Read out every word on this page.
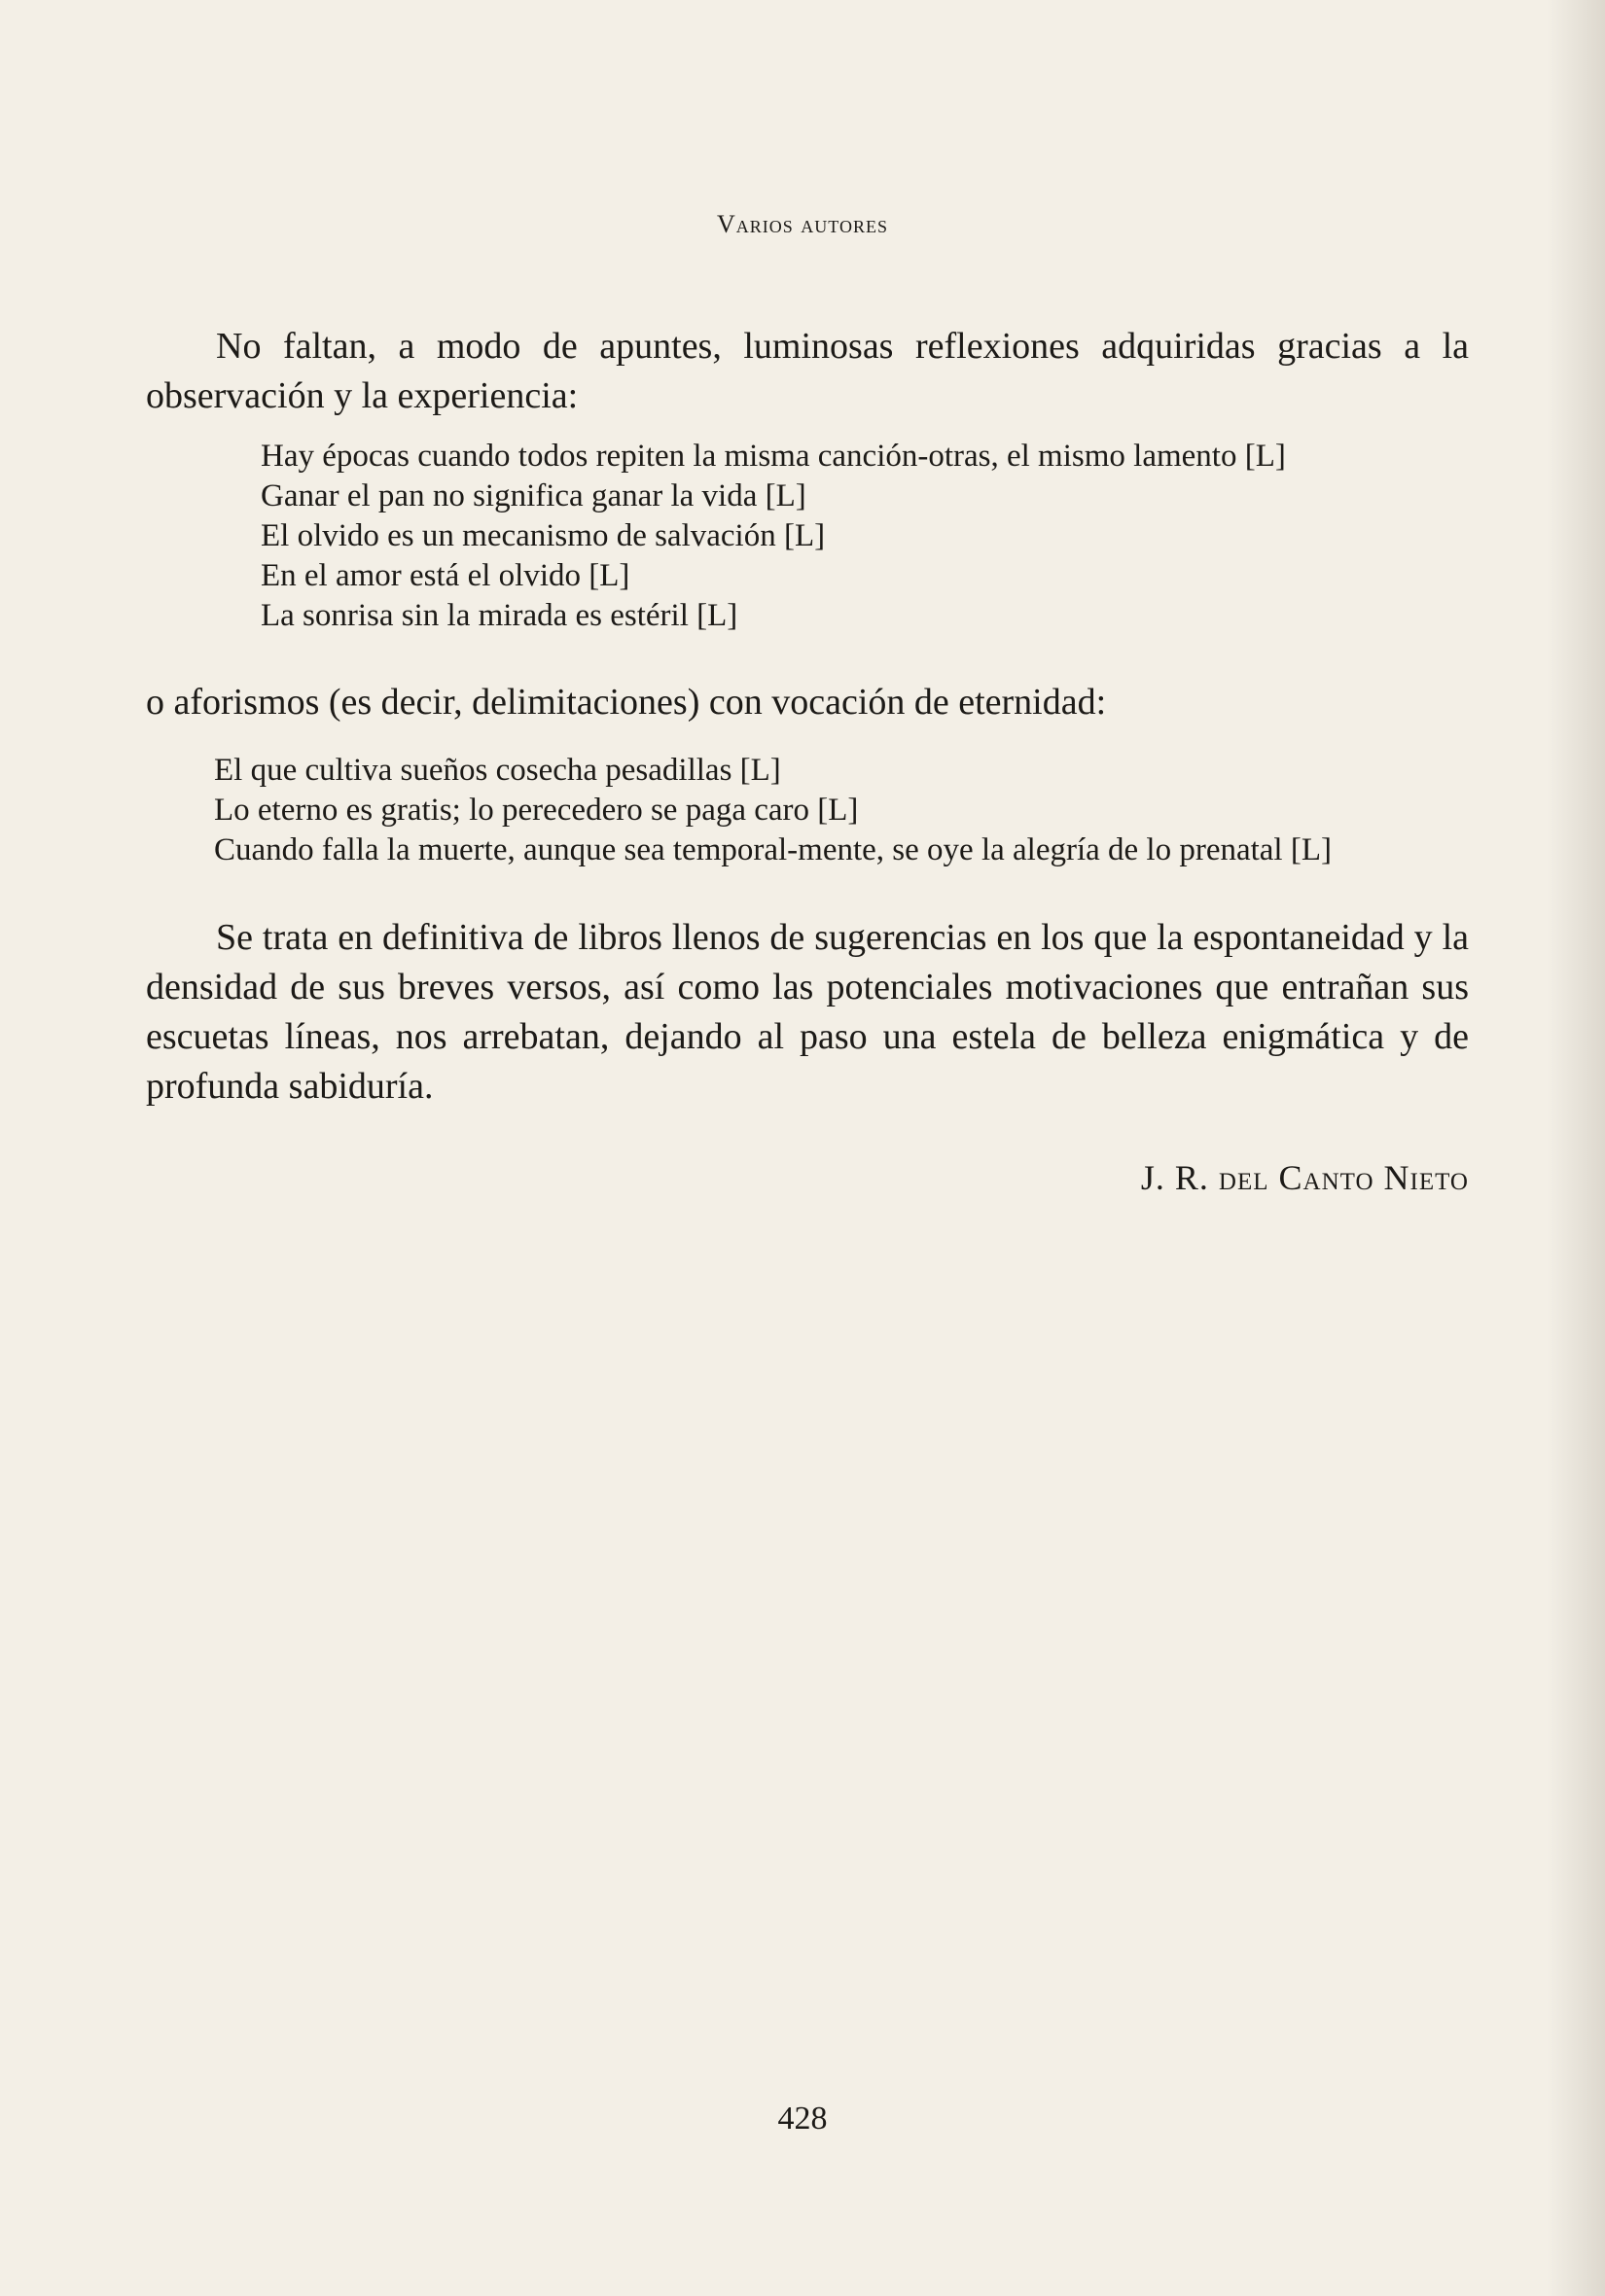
Varios autores

No faltan, a modo de apuntes, luminosas reflexiones adquiridas gracias a la observación y la experiencia:

Hay épocas cuando todos repiten la misma canción-otras, el mismo lamento [L]
Ganar el pan no significa ganar la vida [L]
El olvido es un mecanismo de salvación [L]
En el amor está el olvido [L]
La sonrisa sin la mirada es estéril [L]

o aforismos (es decir, delimitaciones) con vocación de eternidad:

El que cultiva sueños cosecha pesadillas [L]
Lo eterno es gratis; lo perecedero se paga caro [L]
Cuando falla la muerte, aunque sea temporal-mente, se oye la alegría de lo prenatal [L]

Se trata en definitiva de libros llenos de sugerencias en los que la espontaneidad y la densidad de sus breves versos, así como las potenciales motivaciones que entrañan sus escuetas líneas, nos arrebatan, dejando al paso una estela de belleza enigmática y de profunda sabiduría.

J. R. del Canto Nieto
428
